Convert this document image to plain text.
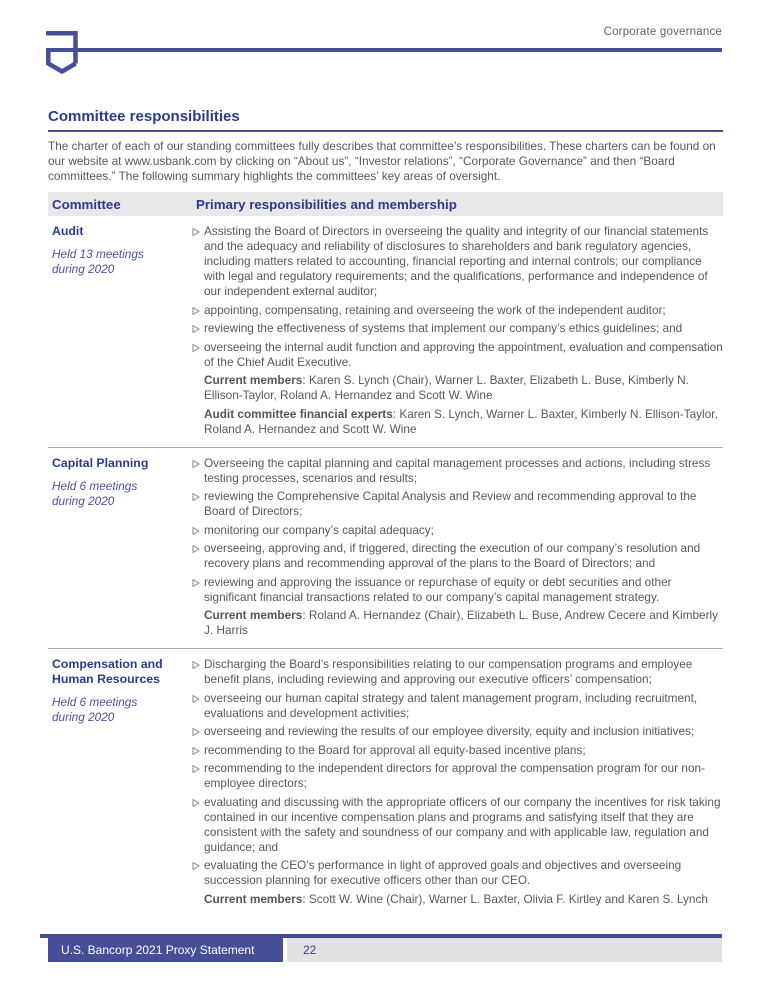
Corporate governance
Committee responsibilities

The charter of each of our standing committees fully describes that committee’s responsibilities. These charters can be found on our website at www.usbank.com by clicking on “About us”, “Investor relations”, “Corporate Governance” and then “Board committees.” The following summary highlights the committees’ key areas of oversight.

Committee	Primary responsibilities and membership
Audit
Held 13 meetings during 2020
Assisting the Board of Directors in overseeing the quality and integrity of our financial statements and the adequacy and reliability of disclosures to shareholders and bank regulatory agencies, including matters related to accounting, financial reporting and internal controls; our compliance with legal and regulatory requirements; and the qualifications, performance and independence of our independent external auditor;
appointing, compensating, retaining and overseeing the work of the independent auditor;
reviewing the effectiveness of systems that implement our company’s ethics guidelines; and
overseeing the internal audit function and approving the appointment, evaluation and compensation of the Chief Audit Executive.

Current members: Karen S. Lynch (Chair), Warner L. Baxter, Elizabeth L. Buse, Kimberly N. Ellison-Taylor, Roland A. Hernandez and Scott W. Wine

Audit committee financial experts: Karen S. Lynch, Warner L. Baxter, Kimberly N. Ellison-Taylor, Roland A. Hernandez and Scott W. Wine

Capital Planning
Held 6 meetings during 2020
Overseeing the capital planning and capital management processes and actions, including stress testing processes, scenarios and results;
reviewing the Comprehensive Capital Analysis and Review and recommending approval to the Board of Directors;
monitoring our company’s capital adequacy;
overseeing, approving and, if triggered, directing the execution of our company’s resolution and recovery plans and recommending approval of the plans to the Board of Directors; and
reviewing and approving the issuance or repurchase of equity or debt securities and other significant financial transactions related to our company’s capital management strategy.

Current members: Roland A. Hernandez (Chair), Elizabeth L. Buse, Andrew Cecere and Kimberly J. Harris

Compensation and Human Resources
Held 6 meetings during 2020
Discharging the Board’s responsibilities relating to our compensation programs and employee benefit plans, including reviewing and approving our executive officers’ compensation;
overseeing our human capital strategy and talent management program, including recruitment, evaluations and development activities;
overseeing and reviewing the results of our employee diversity, equity and inclusion initiatives;
recommending to the Board for approval all equity-based incentive plans;
recommending to the independent directors for approval the compensation program for our non-employee directors;
evaluating and discussing with the appropriate officers of our company the incentives for risk taking contained in our incentive compensation plans and programs and satisfying itself that they are consistent with the safety and soundness of our company and with applicable law, regulation and guidance; and
evaluating the CEO’s performance in light of approved goals and objectives and overseeing succession planning for executive officers other than our CEO.

Current members: Scott W. Wine (Chair), Warner L. Baxter, Olivia F. Kirtley and Karen S. Lynch

U.S. Bancorp 2021 Proxy Statement	22
